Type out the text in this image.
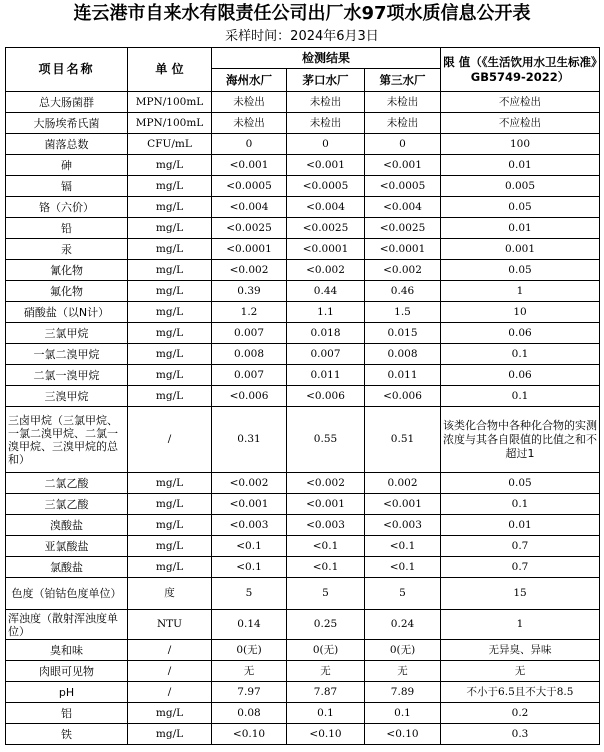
连云港市自来水有限责任公司出厂水97项水质信息公开表
采样时间：2024年6月3日
项目名称	单 位	检测结果			限 值（《生活饮用水卫生标准》GB5749-2022）
		海州水厂	茅口水厂	第三水厂	
总大肠菌群	MPN/100mL	未检出	未检出	未检出	不应检出
大肠埃希氏菌	MPN/100mL	未检出	未检出	未检出	不应检出
菌落总数	CFU/mL	0	0	0	100
砷	mg/L	<0.001	<0.001	<0.001	0.01
镉	mg/L	<0.0005	<0.0005	<0.0005	0.005
铬（六价）	mg/L	<0.004	<0.004	<0.004	0.05
铅	mg/L	<0.0025	<0.0025	<0.0025	0.01
汞	mg/L	<0.0001	<0.0001	<0.0001	0.001
氰化物	mg/L	<0.002	<0.002	<0.002	0.05
氟化物	mg/L	0.39	0.44	0.46	1
硝酸盐（以N计）	mg/L	1.2	1.1	1.5	10
三氯甲烷	mg/L	0.007	0.018	0.015	0.06
一氯二溴甲烷	mg/L	0.008	0.007	0.008	0.1
二氯一溴甲烷	mg/L	0.007	0.011	0.011	0.06
三溴甲烷	mg/L	<0.006	<0.006	<0.006	0.1
三卤甲烷（三氯甲烷、一氯二溴甲烷、二氯一溴甲烷、三溴甲烷的总和）	/	0.31	0.55	0.51	该类化合物中各种化合物的实测浓度与其各自限值的比值之和不超过1
二氯乙酸	mg/L	<0.002	<0.002	0.002	0.05
三氯乙酸	mg/L	<0.001	<0.001	<0.001	0.1
溴酸盐	mg/L	<0.003	<0.003	<0.003	0.01
亚氯酸盐	mg/L	<0.1	<0.1	<0.1	0.7
氯酸盐	mg/L	<0.1	<0.1	<0.1	0.7
色度（铂钴色度单位）	度	5	5	5	15
浑浊度（散射浑浊度单位）	NTU	0.14	0.25	0.24	1
臭和味	/	0(无)	0(无)	0(无)	无异臭、异味
肉眼可见物	/	无	无	无	无
pH	/	7.97	7.87	7.89	不小于6.5且不大于8.5
铝	mg/L	0.08	0.1	0.1	0.2
铁	mg/L	<0.10	<0.10	<0.10	0.3
